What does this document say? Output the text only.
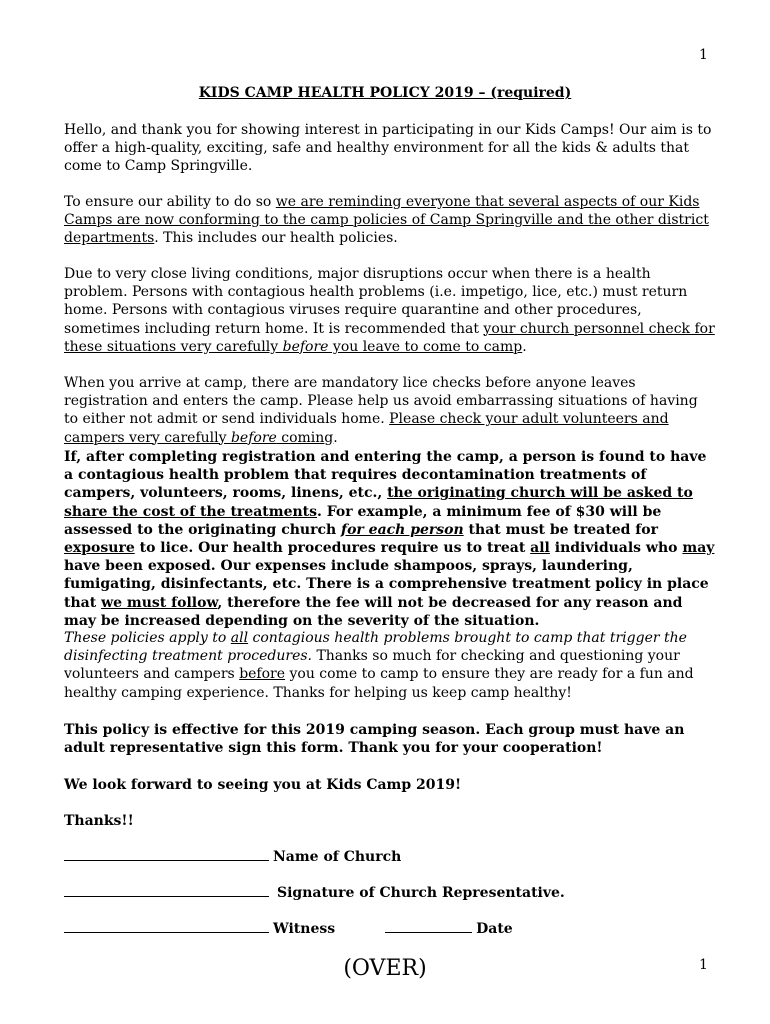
1
KIDS CAMP HEALTH POLICY 2019 – (required)

Hello, and thank you for showing interest in participating in our Kids Camps! Our aim is to offer a high-quality, exciting, safe and healthy environment for all the kids & adults that come to Camp Springville.

To ensure our ability to do so we are reminding everyone that several aspects of our Kids Camps are now conforming to the camp policies of Camp Springville and the other district departments. This includes our health policies.

Due to very close living conditions, major disruptions occur when there is a health problem. Persons with contagious health problems (i.e. impetigo, lice, etc.) must return home. Persons with contagious viruses require quarantine and other procedures, sometimes including return home. It is recommended that your church personnel check for these situations very carefully before you leave to come to camp.

When you arrive at camp, there are mandatory lice checks before anyone leaves registration and enters the camp. Please help us avoid embarrassing situations of having to either not admit or send individuals home. Please check your adult volunteers and campers very carefully before coming.

If, after completing registration and entering the camp, a person is found to have a contagious health problem that requires decontamination treatments of campers, volunteers, rooms, linens, etc., the originating church will be asked to share the cost of the treatments. For example, a minimum fee of $30 will be assessed to the originating church for each person that must be treated for exposure to lice. Our health procedures require us to treat all individuals who may have been exposed. Our expenses include shampoos, sprays, laundering, fumigating, disinfectants, etc. There is a comprehensive treatment policy in place that we must follow, therefore the fee will not be decreased for any reason and may be increased depending on the severity of the situation.

These policies apply to all contagious health problems brought to camp that trigger the disinfecting treatment procedures. Thanks so much for checking and questioning your volunteers and campers before you come to camp to ensure they are ready for a fun and healthy camping experience. Thanks for helping us keep camp healthy!

This policy is effective for this 2019 camping season. Each group must have an adult representative sign this form. Thank you for your cooperation!

We look forward to seeing you at Kids Camp 2019!

Thanks!!

Name of Church
Signature of Church Representative.
Witness	Date
(OVER)	1
